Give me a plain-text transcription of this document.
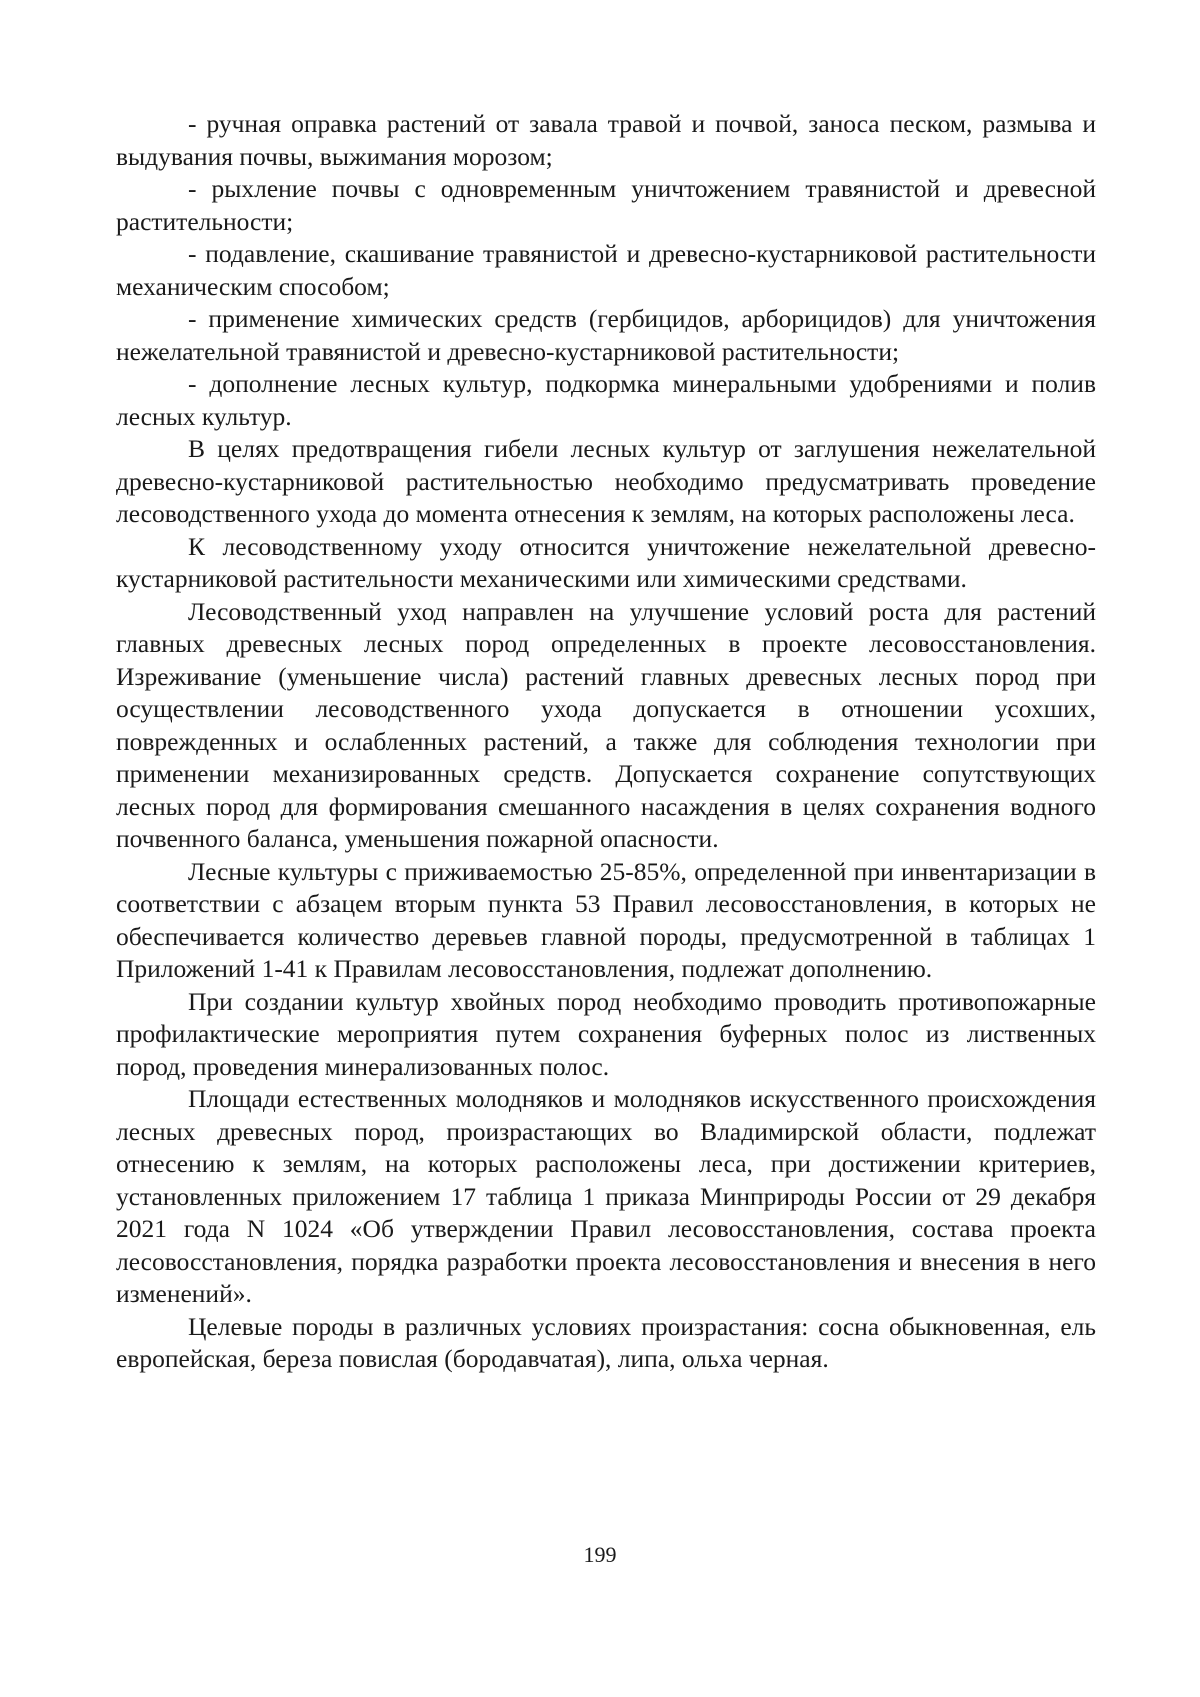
- ручная оправка растений от завала травой и почвой, заноса песком, размыва и выдувания почвы, выжимания морозом;

- рыхление почвы с одновременным уничтожением травянистой и древесной растительности;

- подавление, скашивание травянистой и древесно-кустарниковой растительности механическим способом;

- применение химических средств (гербицидов, арборицидов) для уничтожения нежелательной травянистой и древесно-кустарниковой растительности;

- дополнение лесных культур, подкормка минеральными удобрениями и полив лесных культур.

В целях предотвращения гибели лесных культур от заглушения нежелательной древесно-кустарниковой растительностью необходимо предусматривать проведение лесоводственного ухода до момента отнесения к землям, на которых расположены леса.

К лесоводственному уходу относится уничтожение нежелательной древесно-кустарниковой растительности механическими или химическими средствами.

Лесоводственный уход направлен на улучшение условий роста для растений главных древесных лесных пород определенных в проекте лесовосстановления. Изреживание (уменьшение числа) растений главных древесных лесных пород при осуществлении лесоводственного ухода допускается в отношении усохших, поврежденных и ослабленных растений, а также для соблюдения технологии при применении механизированных средств. Допускается сохранение сопутствующих лесных пород для формирования смешанного насаждения в целях сохранения водного почвенного баланса, уменьшения пожарной опасности.

Лесные культуры с приживаемостью 25-85%, определенной при инвентаризации в соответствии с абзацем вторым пункта 53 Правил лесовосстановления, в которых не обеспечивается количество деревьев главной породы, предусмотренной в таблицах 1 Приложений 1-41 к Правилам лесовосстановления, подлежат дополнению.

При создании культур хвойных пород необходимо проводить противопожарные профилактические мероприятия путем сохранения буферных полос из лиственных пород, проведения минерализованных полос.

Площади естественных молодняков и молодняков искусственного происхождения лесных древесных пород, произрастающих во Владимирской области, подлежат отнесению к землям, на которых расположены леса, при достижении критериев, установленных приложением 17 таблица 1 приказа Минприроды России от 29 декабря 2021 года N 1024 «Об утверждении Правил лесовосстановления, состава проекта лесовосстановления, порядка разработки проекта лесовосстановления и внесения в него изменений».

Целевые породы в различных условиях произрастания: сосна обыкновенная, ель европейская, береза повислая (бородавчатая), липа, ольха черная.

199
